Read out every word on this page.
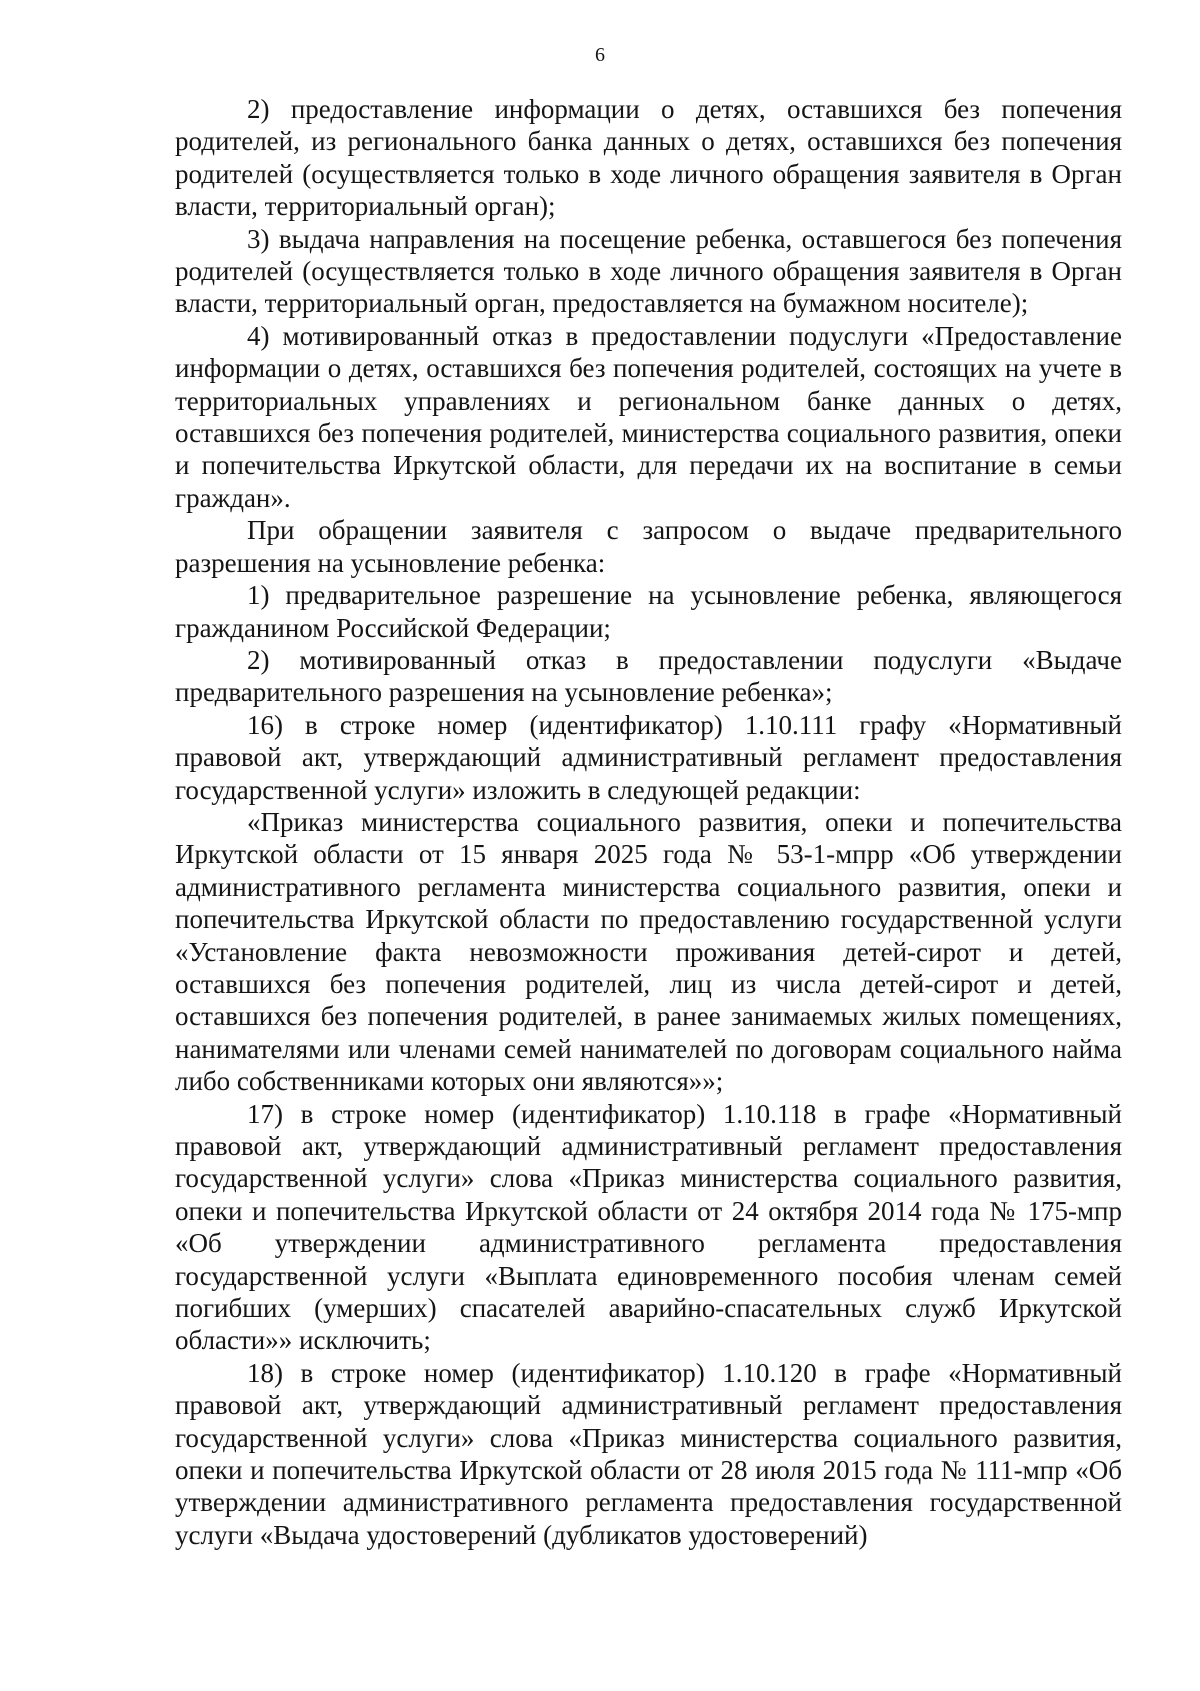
6

2) предоставление информации о детях, оставшихся без попечения родителей, из регионального банка данных о детях, оставшихся без попечения родителей (осуществляется только в ходе личного обращения заявителя в Орган власти, территориальный орган);

3) выдача направления на посещение ребенка, оставшегося без попечения родителей (осуществляется только в ходе личного обращения заявителя в Орган власти, территориальный орган, предоставляется на бумажном носителе);

4) мотивированный отказ в предоставлении подуслуги «Предоставление информации о детях, оставшихся без попечения родителей, состоящих на учете в территориальных управлениях и региональном банке данных о детях, оставшихся без попечения родителей, министерства социального развития, опеки и попечительства Иркутской области, для передачи их на воспитание в семьи граждан».

При обращении заявителя с запросом о выдаче предварительного разрешения на усыновление ребенка:

1) предварительное разрешение на усыновление ребенка, являющегося гражданином Российской Федерации;

2) мотивированный отказ в предоставлении подуслуги «Выдаче предварительного разрешения на усыновление ребенка»;

16) в строке номер (идентификатор) 1.10.111 графу «Нормативный правовой акт, утверждающий административный регламент предоставления государственной услуги» изложить в следующей редакции:

«Приказ министерства социального развития, опеки и попечительства Иркутской области от 15 января 2025 года № 53-1-мпрр «Об утверждении административного регламента министерства социального развития, опеки и попечительства Иркутской области по предоставлению государственной услуги «Установление факта невозможности проживания детей-сирот и детей, оставшихся без попечения родителей, лиц из числа детей-сирот и детей, оставшихся без попечения родителей, в ранее занимаемых жилых помещениях, нанимателями или членами семей нанимателей по договорам социального найма либо собственниками которых они являются»»;

17) в строке номер (идентификатор) 1.10.118 в графе «Нормативный правовой акт, утверждающий административный регламент предоставления государственной услуги» слова «Приказ министерства социального развития, опеки и попечительства Иркутской области от 24 октября 2014 года № 175-мпр «Об утверждении административного регламента предоставления государственной услуги «Выплата единовременного пособия членам семей погибших (умерших) спасателей аварийно-спасательных служб Иркутской области»» исключить;

18) в строке номер (идентификатор) 1.10.120 в графе «Нормативный правовой акт, утверждающий административный регламент предоставления государственной услуги» слова «Приказ министерства социального развития, опеки и попечительства Иркутской области от 28 июля 2015 года № 111-мпр «Об утверждении административного регламента предоставления государственной услуги «Выдача удостоверений (дубликатов удостоверений)
